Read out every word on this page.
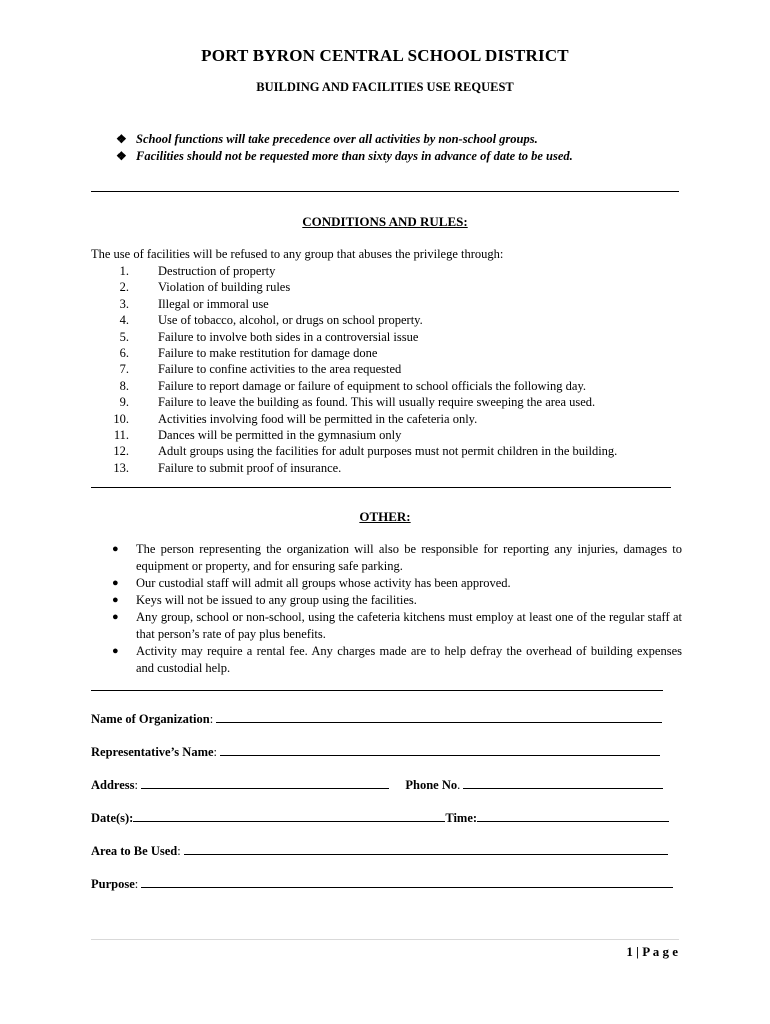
PORT BYRON CENTRAL SCHOOL DISTRICT
BUILDING AND FACILITIES USE REQUEST
❖ School functions will take precedence over all activities by non-school groups.
❖ Facilities should not be requested more than sixty days in advance of date to be used.
CONDITIONS AND RULES:
The use of facilities will be refused to any group that abuses the privilege through:
1. Destruction of property
2. Violation of building rules
3. Illegal or immoral use
4. Use of tobacco, alcohol, or drugs on school property.
5. Failure to involve both sides in a controversial issue
6. Failure to make restitution for damage done
7. Failure to confine activities to the area requested
8. Failure to report damage or failure of equipment to school officials the following day.
9. Failure to leave the building as found. This will usually require sweeping the area used.
10. Activities involving food will be permitted in the cafeteria only.
11. Dances will be permitted in the gymnasium only
12. Adult groups using the facilities for adult purposes must not permit children in the building.
13. Failure to submit proof of insurance.
OTHER:
● The person representing the organization will also be responsible for reporting any injuries, damages to equipment or property, and for ensuring safe parking.
● Our custodial staff will admit all groups whose activity has been approved.
● Keys will not be issued to any group using the facilities.
● Any group, school or non-school, using the cafeteria kitchens must employ at least one of the regular staff at that person’s rate of pay plus benefits.
● Activity may require a rental fee. Any charges made are to help defray the overhead of building expenses and custodial help.
Name of Organization:
Representative’s Name:
Address:	Phone No.
Date(s):	Time:
Area to Be Used:
Purpose:
1 | P a g e
